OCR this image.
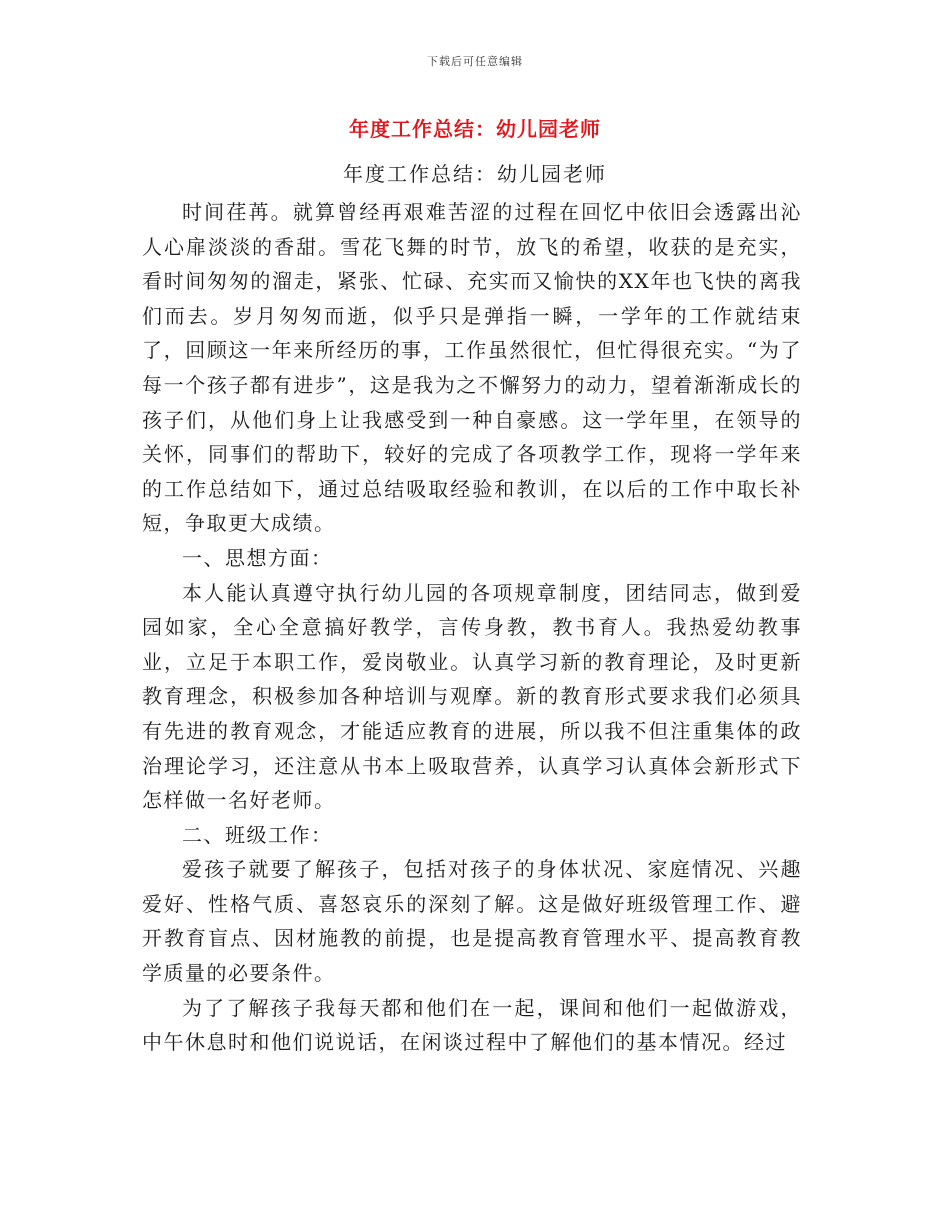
下载后可任意编辑
年度工作总结：幼儿园老师
年度工作总结：幼儿园老师

时间荏苒。就算曾经再艰难苦涩的过程在回忆中依旧会透露出沁人心扉淡淡的香甜。雪花飞舞的时节，放飞的希望，收获的是充实，看时间匆匆的溜走，紧张、忙碌、充实而又愉快的XX年也飞快的离我们而去。岁月匆匆而逝，似乎只是弹指一瞬，一学年的工作就结束了，回顾这一年来所经历的事，工作虽然很忙，但忙得很充实。“为了每一个孩子都有进步”，这是我为之不懈努力的动力，望着渐渐成长的孩子们，从他们身上让我感受到一种自豪感。这一学年里，在领导的关怀，同事们的帮助下，较好的完成了各项教学工作，现将一学年来的工作总结如下，通过总结吸取经验和教训，在以后的工作中取长补短，争取更大成绩。

一、思想方面：

本人能认真遵守执行幼儿园的各项规章制度，团结同志，做到爱园如家，全心全意搞好教学，言传身教，教书育人。我热爱幼教事业，立足于本职工作，爱岗敬业。认真学习新的教育理论，及时更新教育理念，积极参加各种培训与观摩。新的教育形式要求我们必须具有先进的教育观念，才能适应教育的进展，所以我不但注重集体的政治理论学习，还注意从书本上吸取营养，认真学习认真体会新形式下怎样做一名好老师。

二、班级工作：

爱孩子就要了解孩子，包括对孩子的身体状况、家庭情况、兴趣爱好、性格气质、喜怒哀乐的深刻了解。这是做好班级管理工作、避开教育盲点、因材施教的前提，也是提高教育管理水平、提高教育教学质量的必要条件。

为了了解孩子我每天都和他们在一起，课间和他们一起做游戏，中午休息时和他们说说话，在闲谈过程中了解他们的基本情况。经过
